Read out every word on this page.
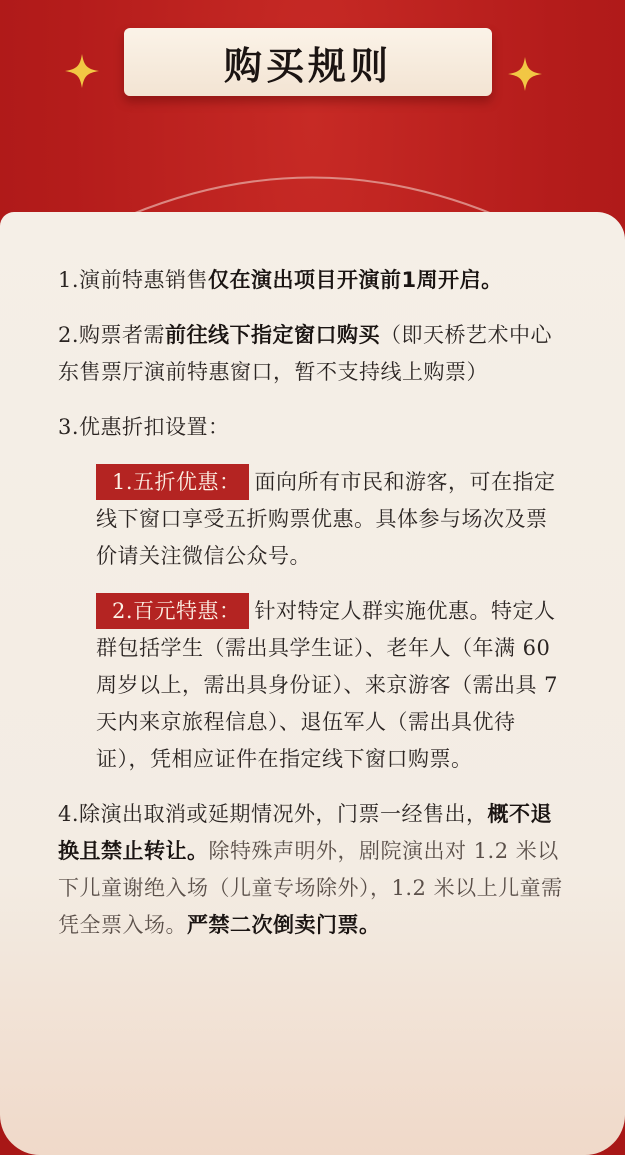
购买规则

1.演前特惠销售仅在演出项目开演前1周开启。

2.购票者需前往线下指定窗口购买（即天桥艺术中心东售票厅演前特惠窗口，暂不支持线上购票）

3.优惠折扣设置：

1.五折优惠： 面向所有市民和游客，可在指定线下窗口享受五折购票优惠。具体参与场次及票价请关注微信公众号。

2.百元特惠： 针对特定人群实施优惠。特定人群包括学生（需出具学生证）、老年人（年满 60 周岁以上，需出具身份证）、来京游客（需出具 7 天内来京旅程信息）、退伍军人（需出具优待证），凭相应证件在指定线下窗口购票。

4.除演出取消或延期情况外，门票一经售出，概不退换且禁止转让。除特殊声明外，剧院演出对 1.2 米以下儿童谢绝入场（儿童专场除外），1.2 米以上儿童需凭全票入场。严禁二次倒卖门票。
